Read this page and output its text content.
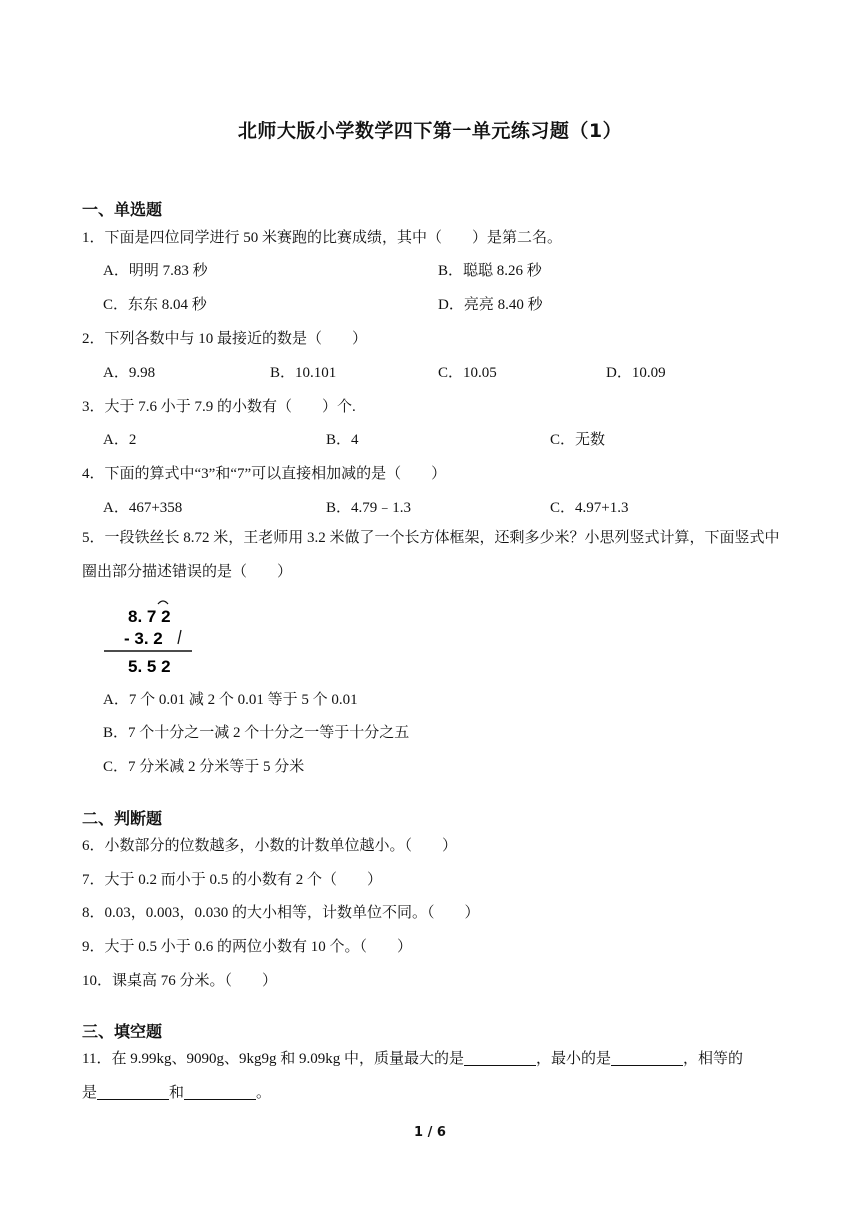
北师大版小学数学四下第一单元练习题（1）
一、单选题
1．下面是四位同学进行 50 米赛跑的比赛成绩，其中（　　）是第二名。
A．明明 7.83 秒	B．聪聪 8.26 秒
C．东东 8.04 秒	D．亮亮 8.40 秒
2．下列各数中与 10 最接近的数是（　　）
A．9.98	B．10.101	C．10.05	D．10.09
3．大于 7.6 小于 7.9 的小数有（　　）个.
A．2	B．4	C．无数
4．下面的算式中“3”和“7”可以直接相加减的是（　　）
A．467+358	B．4.79﹣1.3	C．4.97+1.3
5．一段铁丝长 8.72 米，王老师用 3.2 米做了一个长方体框架，还剩多少米？小思列竖式计算，下面竖式中圈出部分描述错误的是（　　）
8. 7 2
- 3. 2
5. 5 2
A．7 个 0.01 减 2 个 0.01 等于 5 个 0.01
B．7 个十分之一减 2 个十分之一等于十分之五
C．7 分米减 2 分米等于 5 分米
二、判断题
6．小数部分的位数越多，小数的计数单位越小。（　　）
7．大于 0.2 而小于 0.5 的小数有 2 个（　　）
8．0.03，0.003，0.030 的大小相等，计数单位不同。（　　）
9．大于 0.5 小于 0.6 的两位小数有 10 个。（　　）
10．课桌高 76 分米。（　　）
三、填空题
11．在 9.99kg、9090g、9kg9g 和 9.09kg 中，质量最大的是	，最小的是	，相等的
是	和	。
1 / 6
